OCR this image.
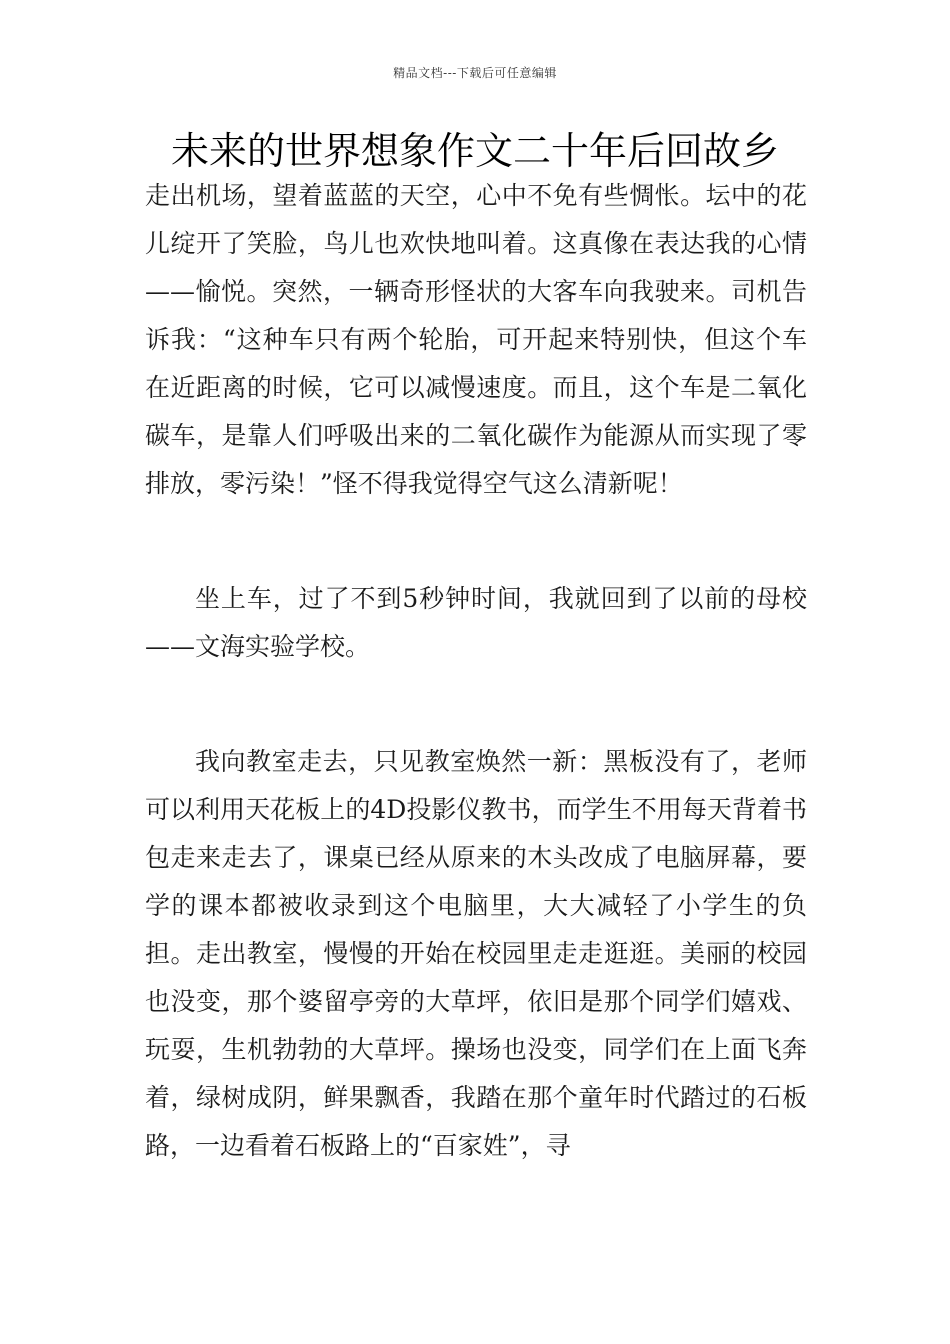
精品文档---下载后可任意编辑
未来的世界想象作文二十年后回故乡

走出机场，望着蓝蓝的天空，心中不免有些惆怅。坛中的花儿绽开了笑脸，鸟儿也欢快地叫着。这真像在表达我的心情——愉悦。突然，一辆奇形怪状的大客车向我驶来。司机告诉我：“这种车只有两个轮胎，可开起来特别快，但这个车在近距离的时候，它可以减慢速度。而且，这个车是二氧化碳车，是靠人们呼吸出来的二氧化碳作为能源从而实现了零排放，零污染！”怪不得我觉得空气这么清新呢！

坐上车，过了不到5秒钟时间，我就回到了以前的母校——文海实验学校。

我向教室走去，只见教室焕然一新：黑板没有了，老师可以利用天花板上的4D投影仪教书，而学生不用每天背着书包走来走去了，课桌已经从原来的木头改成了电脑屏幕，要学的课本都被收录到这个电脑里，大大减轻了小学生的负担。走出教室，慢慢的开始在校园里走走逛逛。美丽的校园也没变，那个婆留亭旁的大草坪，依旧是那个同学们嬉戏、玩耍，生机勃勃的大草坪。操场也没变，同学们在上面飞奔着，绿树成阴，鲜果飘香，我踏在那个童年时代踏过的石板路，一边看着石板路上的“百家姓”，寻
